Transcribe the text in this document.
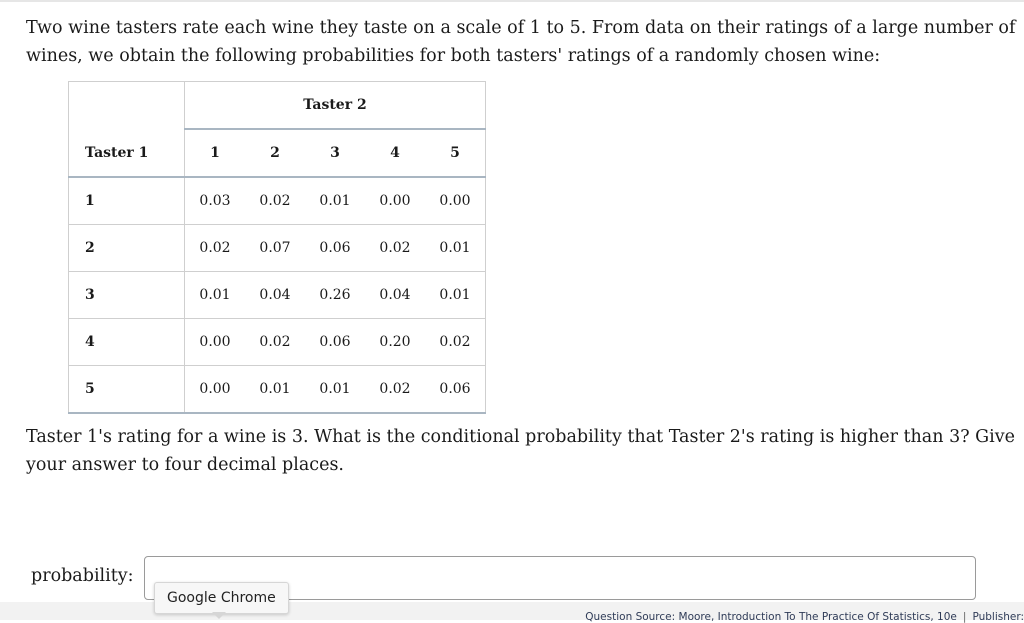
Two wine tasters rate each wine they taste on a scale of 1 to 5. From data on their ratings of a large number of wines, we obtain the following probabilities for both tasters' ratings of a randomly chosen wine:

	Taster 2				
Taster 1	1	2	3	4	5
1	0.03	0.02	0.01	0.00	0.00
2	0.02	0.07	0.06	0.02	0.01
3	0.01	0.04	0.26	0.04	0.01
4	0.00	0.02	0.06	0.20	0.02
5	0.00	0.01	0.01	0.02	0.06

Taster 1's rating for a wine is 3. What is the conditional probability that Taster 2's rating is higher than 3? Give your answer to four decimal places.

probability:
Question Source: Moore, Introduction To The Practice Of Statistics, 10e | Publisher:
Google Chrome
